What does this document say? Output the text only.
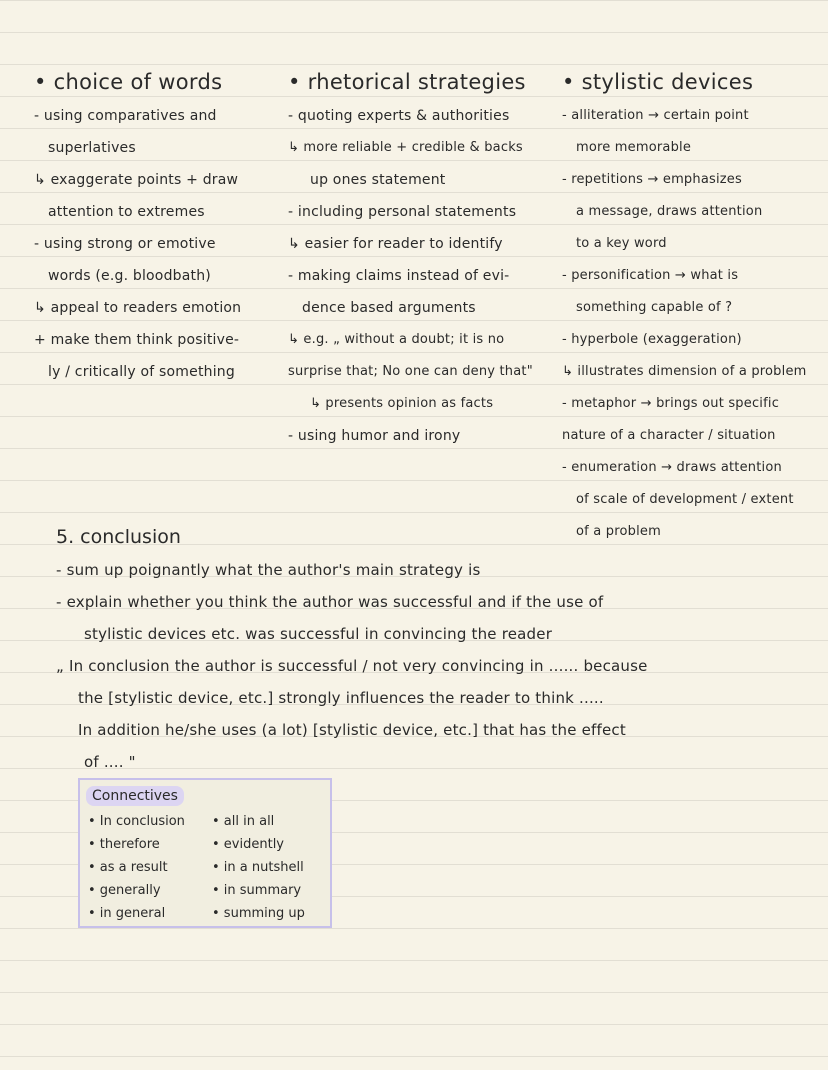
• choice of words
- using comparatives and
superlatives
↳ exaggerate points + draw
attention to extremes
- using strong or emotive
words (e.g. bloodbath)
↳ appeal to readers emotion
+ make them think positive-
ly / critically of something
• rhetorical strategies
- quoting experts & authorities
↳ more reliable + credible & backs
up ones statement
- including personal statements
↳ easier for reader to identify
- making claims instead of evi-
dence based arguments
↳ e.g. „ without a doubt; it is no
surprise that; No one can deny that"
↳ presents opinion as facts
- using humor and irony
• stylistic devices
- alliteration → certain point
more memorable
- repetitions → emphasizes
a message, draws attention
to a key word
- personification → what is
something capable of ?
- hyperbole (exaggeration)
↳ illustrates dimension of a problem
- metaphor → brings out specific
nature of a character / situation
- enumeration → draws attention
of scale of development / extent
of a problem
5. conclusion
- sum up poignantly what the author's main strategy is
- explain whether you think the author was successful and if the use of
stylistic devices etc. was successful in convincing the reader
„ In conclusion the author is successful / not very convincing in ...... because
the [stylistic device, etc.] strongly influences the reader to think .....
In addition he/she uses (a lot) [stylistic device, etc.] that has the effect
of .... "
Connectives
• In conclusion
• therefore
• as a result
• generally
• in general
• all in all
• evidently
• in a nutshell
• in summary
• summing up
